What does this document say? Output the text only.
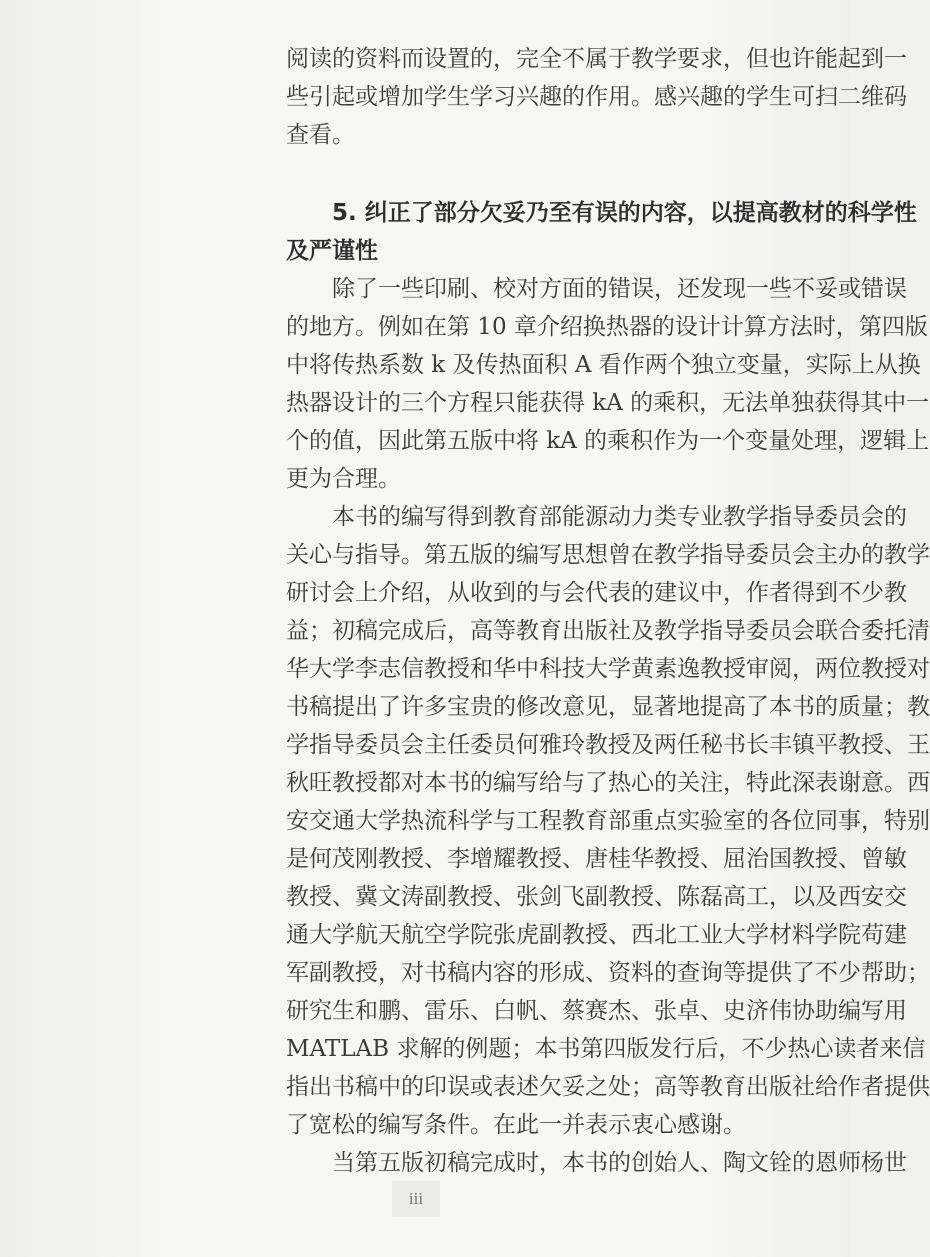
阅读的资料而设置的，完全不属于教学要求，但也许能起到一
些引起或增加学生学习兴趣的作用。感兴趣的学生可扫二维码
查看。

5. 纠正了部分欠妥乃至有误的内容，以提高教材的科学性
及严谨性

除了一些印刷、校对方面的错误，还发现一些不妥或错误
的地方。例如在第 10 章介绍换热器的设计计算方法时，第四版
中将传热系数 k 及传热面积 A 看作两个独立变量，实际上从换
热器设计的三个方程只能获得 kA 的乘积，无法单独获得其中一
个的值，因此第五版中将 kA 的乘积作为一个变量处理，逻辑上
更为合理。

本书的编写得到教育部能源动力类专业教学指导委员会的
关心与指导。第五版的编写思想曾在教学指导委员会主办的教学
研讨会上介绍，从收到的与会代表的建议中，作者得到不少教
益；初稿完成后，高等教育出版社及教学指导委员会联合委托清
华大学李志信教授和华中科技大学黄素逸教授审阅，两位教授对
书稿提出了许多宝贵的修改意见，显著地提高了本书的质量；教
学指导委员会主任委员何雅玲教授及两任秘书长丰镇平教授、王
秋旺教授都对本书的编写给与了热心的关注，特此深表谢意。西
安交通大学热流科学与工程教育部重点实验室的各位同事，特别
是何茂刚教授、李增耀教授、唐桂华教授、屈治国教授、曾敏
教授、冀文涛副教授、张剑飞副教授、陈磊高工，以及西安交
通大学航天航空学院张虎副教授、西北工业大学材料学院苟建
军副教授，对书稿内容的形成、资料的查询等提供了不少帮助；
研究生和鹏、雷乐、白帆、蔡赛杰、张卓、史济伟协助编写用
MATLAB 求解的例题；本书第四版发行后，不少热心读者来信
指出书稿中的印误或表述欠妥之处；高等教育出版社给作者提供
了宽松的编写条件。在此一并表示衷心感谢。

当第五版初稿完成时，本书的创始人、陶文铨的恩师杨世

iii
